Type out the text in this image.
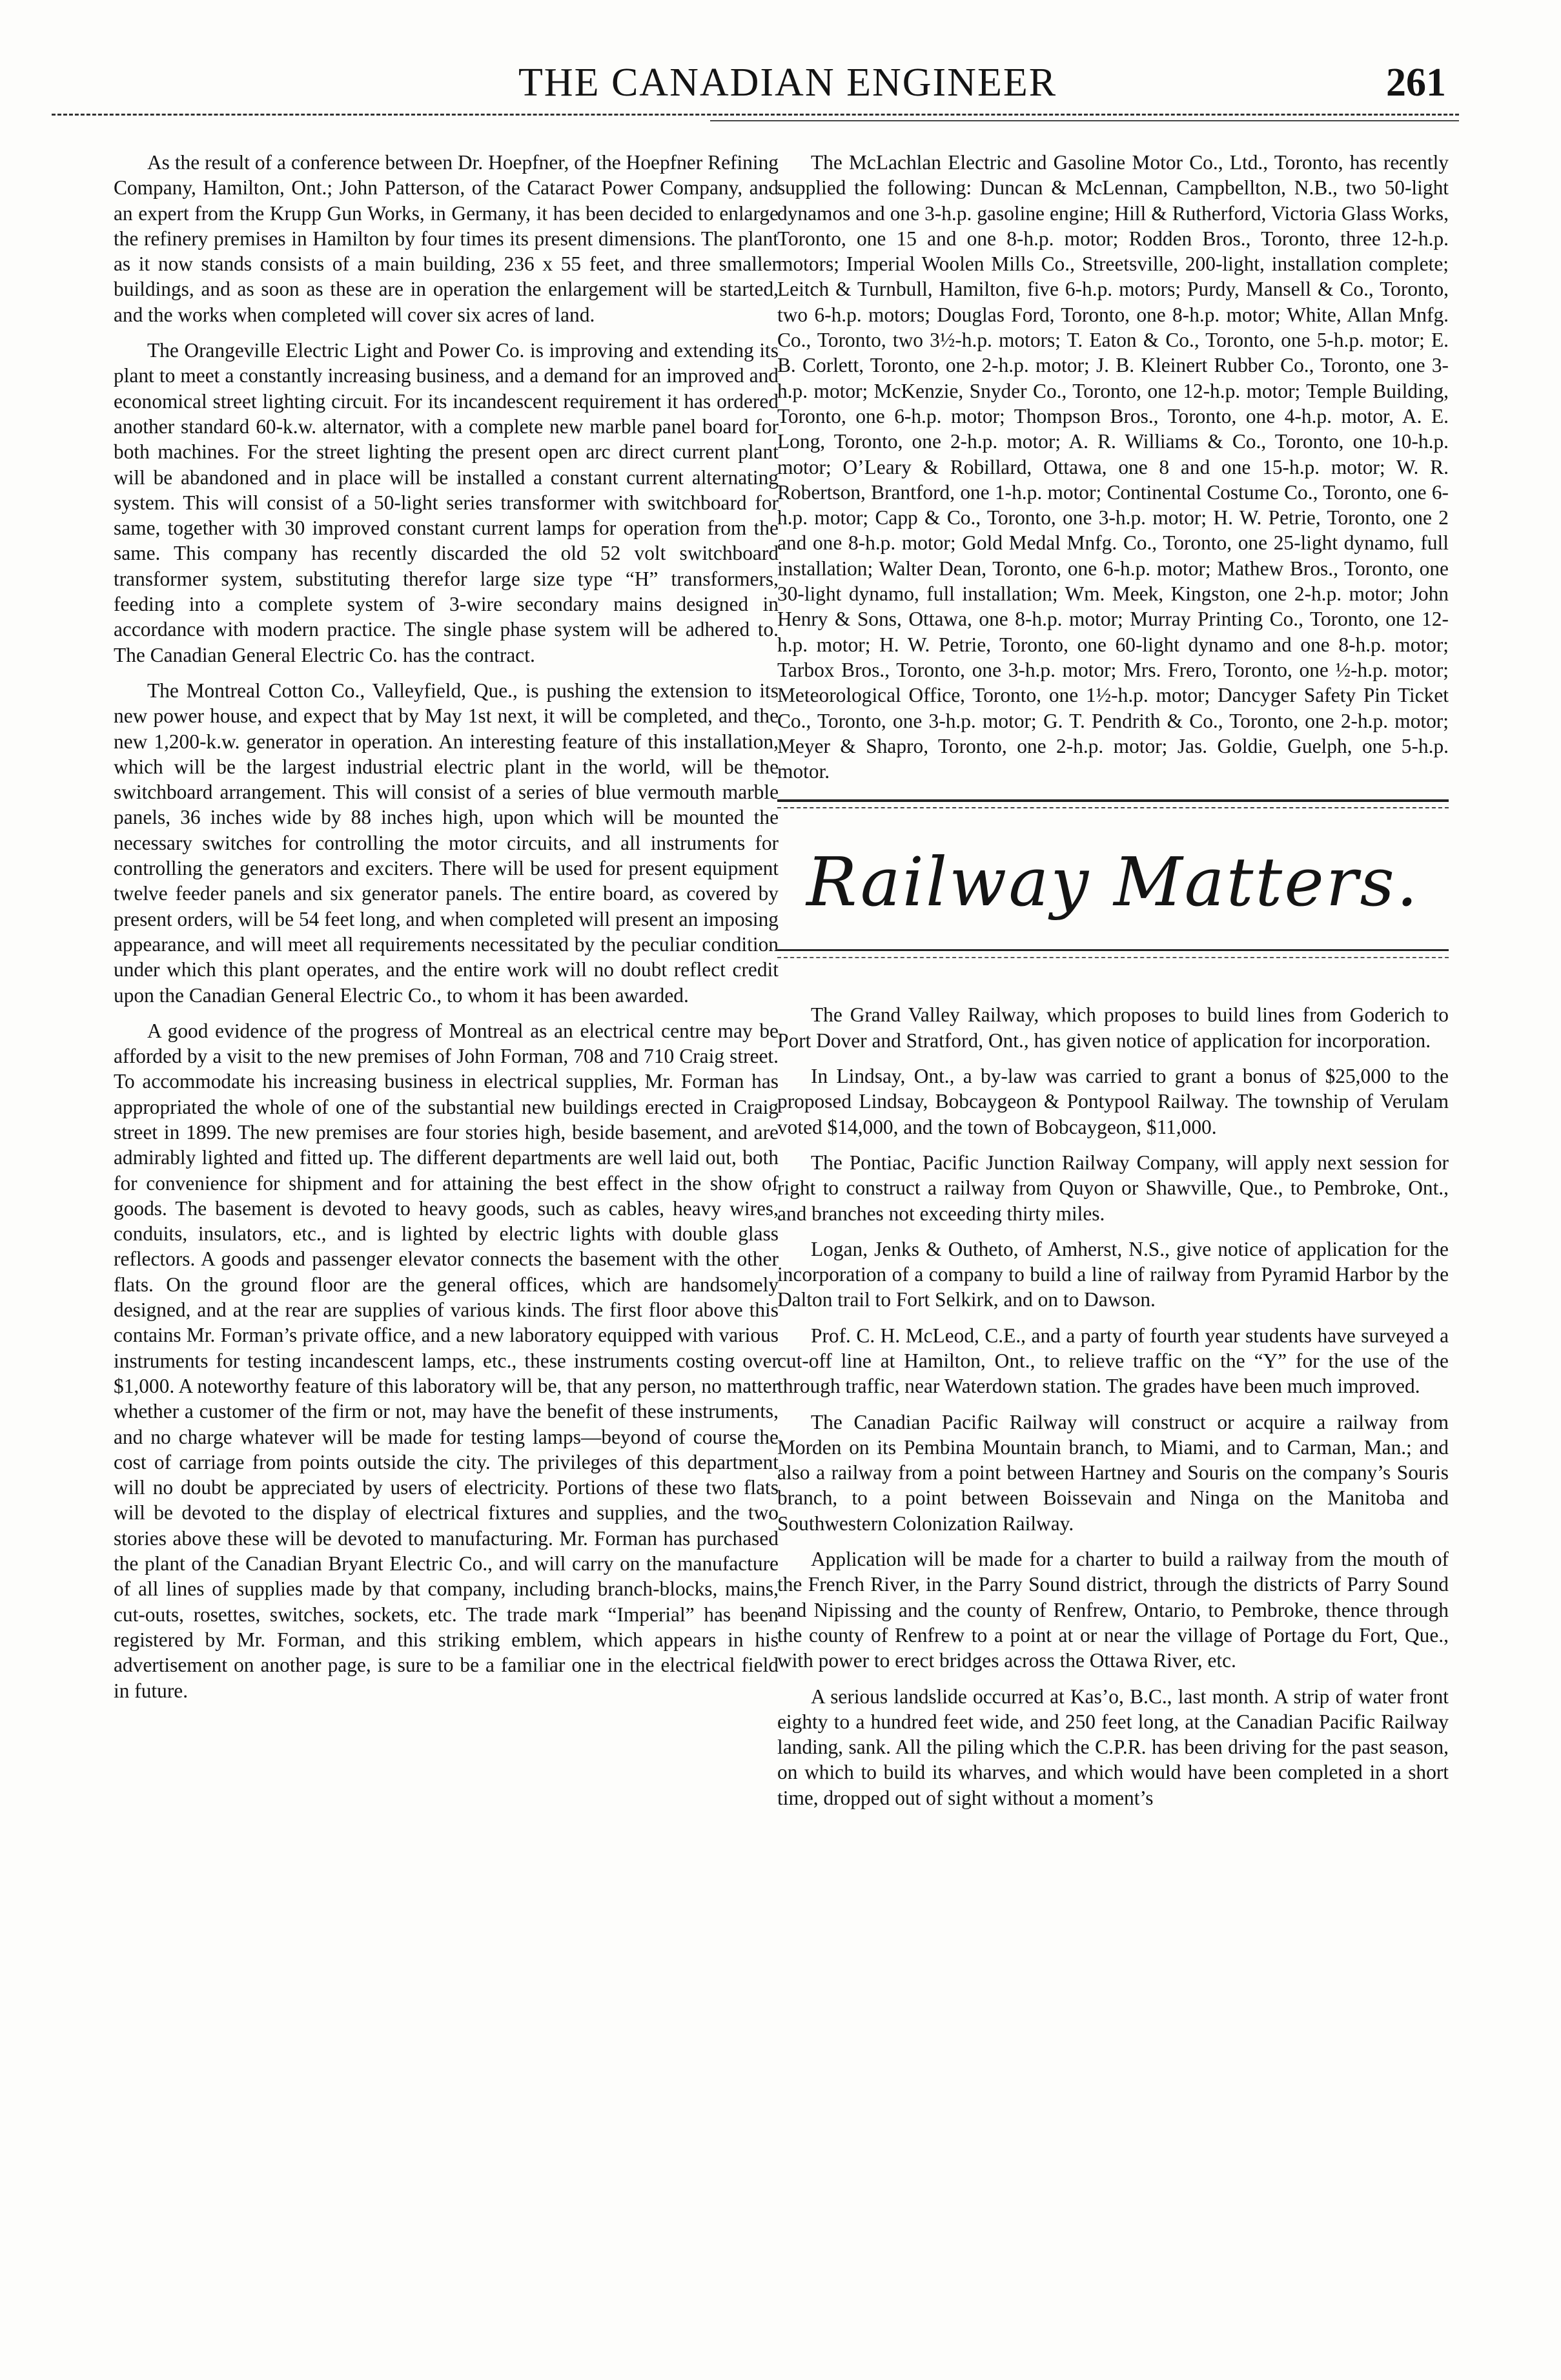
THE CANADIAN ENGINEER	261

As the result of a conference between Dr. Hoepfner, of the Hoepfner Refining Company, Hamilton, Ont.; John Patterson, of the Cataract Power Company, and an expert from the Krupp Gun Works, in Germany, it has been decided to enlarge the refinery premises in Hamilton by four times its present dimensions. The plant as it now stands consists of a main building, 236 x 55 feet, and three smaller buildings, and as soon as these are in operation the enlargement will be started, and the works when completed will cover six acres of land.

The Orangeville Electric Light and Power Co. is improving and extending its plant to meet a constantly increasing business, and a demand for an improved and economical street lighting circuit. For its incandescent requirement it has ordered another standard 60-k.w. alternator, with a complete new marble panel board for both machines. For the street lighting the present open arc direct current plant will be abandoned and in place will be installed a constant current alternating system. This will consist of a 50-light series transformer with switchboard for same, together with 30 improved constant current lamps for operation from the same. This company has recently discarded the old 52 volt switchboard transformer system, substituting therefor large size type “H” transformers, feeding into a complete system of 3-wire secondary mains designed in accordance with modern practice. The single phase system will be adhered to. The Canadian General Electric Co. has the contract.

The Montreal Cotton Co., Valleyfield, Que., is pushing the extension to its new power house, and expect that by May 1st next, it will be completed, and the new 1,200-k.w. generator in operation. An interesting feature of this installation, which will be the largest industrial electric plant in the world, will be the switchboard arrangement. This will consist of a series of blue vermouth marble panels, 36 inches wide by 88 inches high, upon which will be mounted the necessary switches for controlling the motor circuits, and all instruments for controlling the generators and exciters. There will be used for present equipment twelve feeder panels and six generator panels. The entire board, as covered by present orders, will be 54 feet long, and when completed will present an imposing appearance, and will meet all requirements necessitated by the peculiar condition under which this plant operates, and the entire work will no doubt reflect credit upon the Canadian General Electric Co., to whom it has been awarded.

A good evidence of the progress of Montreal as an electrical centre may be afforded by a visit to the new premises of John Forman, 708 and 710 Craig street. To accommodate his increasing business in electrical supplies, Mr. Forman has appropriated the whole of one of the substantial new buildings erected in Craig street in 1899. The new premises are four stories high, beside basement, and are admirably lighted and fitted up. The different departments are well laid out, both for convenience for shipment and for attaining the best effect in the show of goods. The basement is devoted to heavy goods, such as cables, heavy wires, conduits, insulators, etc., and is lighted by electric lights with double glass reflectors. A goods and passenger elevator connects the basement with the other flats. On the ground floor are the general offices, which are handsomely designed, and at the rear are supplies of various kinds. The first floor above this contains Mr. Forman’s private office, and a new laboratory equipped with various instruments for testing incandescent lamps, etc., these instruments costing over $1,000. A noteworthy feature of this laboratory will be, that any person, no matter whether a customer of the firm or not, may have the benefit of these instruments, and no charge whatever will be made for testing lamps—beyond of course the cost of carriage from points outside the city. The privileges of this department will no doubt be appreciated by users of electricity. Portions of these two flats will be devoted to the display of electrical fixtures and supplies, and the two stories above these will be devoted to manufacturing. Mr. Forman has purchased the plant of the Canadian Bryant Electric Co., and will carry on the manufacture of all lines of supplies made by that company, including branch-blocks, mains, cut-outs, rosettes, switches, sockets, etc. The trade mark “Imperial” has been registered by Mr. Forman, and this striking emblem, which appears in his advertisement on another page, is sure to be a familiar one in the electrical field in future.

The McLachlan Electric and Gasoline Motor Co., Ltd., Toronto, has recently supplied the following: Duncan & McLennan, Campbellton, N.B., two 50-light dynamos and one 3-h.p. gasoline engine; Hill & Rutherford, Victoria Glass Works, Toronto, one 15 and one 8-h.p. motor; Rodden Bros., Toronto, three 12-h.p. motors; Imperial Woolen Mills Co., Streetsville, 200-light, installation complete; Leitch & Turnbull, Hamilton, five 6-h.p. motors; Purdy, Mansell & Co., Toronto, two 6-h.p. motors; Douglas Ford, Toronto, one 8-h.p. motor; White, Allan Mnfg. Co., Toronto, two 3½-h.p. motors; T. Eaton & Co., Toronto, one 5-h.p. motor; E. B. Corlett, Toronto, one 2-h.p. motor; J. B. Kleinert Rubber Co., Toronto, one 3-h.p. motor; McKenzie, Snyder Co., Toronto, one 12-h.p. motor; Temple Building, Toronto, one 6-h.p. motor; Thompson Bros., Toronto, one 4-h.p. motor, A. E. Long, Toronto, one 2-h.p. motor; A. R. Williams & Co., Toronto, one 10-h.p. motor; O’Leary & Robillard, Ottawa, one 8 and one 15-h.p. motor; W. R. Robertson, Brantford, one 1-h.p. motor; Continental Costume Co., Toronto, one 6-h.p. motor; Capp & Co., Toronto, one 3-h.p. motor; H. W. Petrie, Toronto, one 2 and one 8-h.p. motor; Gold Medal Mnfg. Co., Toronto, one 25-light dynamo, full installation; Walter Dean, Toronto, one 6-h.p. motor; Mathew Bros., Toronto, one 30-light dynamo, full installation; Wm. Meek, Kingston, one 2-h.p. motor; John Henry & Sons, Ottawa, one 8-h.p. motor; Murray Printing Co., Toronto, one 12-h.p. motor; H. W. Petrie, Toronto, one 60-light dynamo and one 8-h.p. motor; Tarbox Bros., Toronto, one 3-h.p. motor; Mrs. Frero, Toronto, one ½-h.p. motor; Meteorological Office, Toronto, one 1½-h.p. motor; Dancyger Safety Pin Ticket Co., Toronto, one 3-h.p. motor; G. T. Pendrith & Co., Toronto, one 2-h.p. motor; Meyer & Shapro, Toronto, one 2-h.p. motor; Jas. Goldie, Guelph, one 5-h.p. motor.

Railway Matters.

The Grand Valley Railway, which proposes to build lines from Goderich to Port Dover and Stratford, Ont., has given notice of application for incorporation.

In Lindsay, Ont., a by-law was carried to grant a bonus of $25,000 to the proposed Lindsay, Bobcaygeon & Pontypool Railway. The township of Verulam voted $14,000, and the town of Bobcaygeon, $11,000.

The Pontiac, Pacific Junction Railway Company, will apply next session for right to construct a railway from Quyon or Shawville, Que., to Pembroke, Ont., and branches not exceeding thirty miles.

Logan, Jenks & Outheto, of Amherst, N.S., give notice of application for the incorporation of a company to build a line of railway from Pyramid Harbor by the Dalton trail to Fort Selkirk, and on to Dawson.

Prof. C. H. McLeod, C.E., and a party of fourth year students have surveyed a cut-off line at Hamilton, Ont., to relieve traffic on the “Y” for the use of the through traffic, near Waterdown station. The grades have been much improved.

The Canadian Pacific Railway will construct or acquire a railway from Morden on its Pembina Mountain branch, to Miami, and to Carman, Man.; and also a railway from a point between Hartney and Souris on the company’s Souris branch, to a point between Boissevain and Ninga on the Manitoba and Southwestern Colonization Railway.

Application will be made for a charter to build a railway from the mouth of the French River, in the Parry Sound district, through the districts of Parry Sound and Nipissing and the county of Renfrew, Ontario, to Pembroke, thence through the county of Renfrew to a point at or near the village of Portage du Fort, Que., with power to erect bridges across the Ottawa River, etc.

A serious landslide occurred at Kas’o, B.C., last month. A strip of water front eighty to a hundred feet wide, and 250 feet long, at the Canadian Pacific Railway landing, sank. All the piling which the C.P.R. has been driving for the past season, on which to build its wharves, and which would have been completed in a short time, dropped out of sight without a moment’s
